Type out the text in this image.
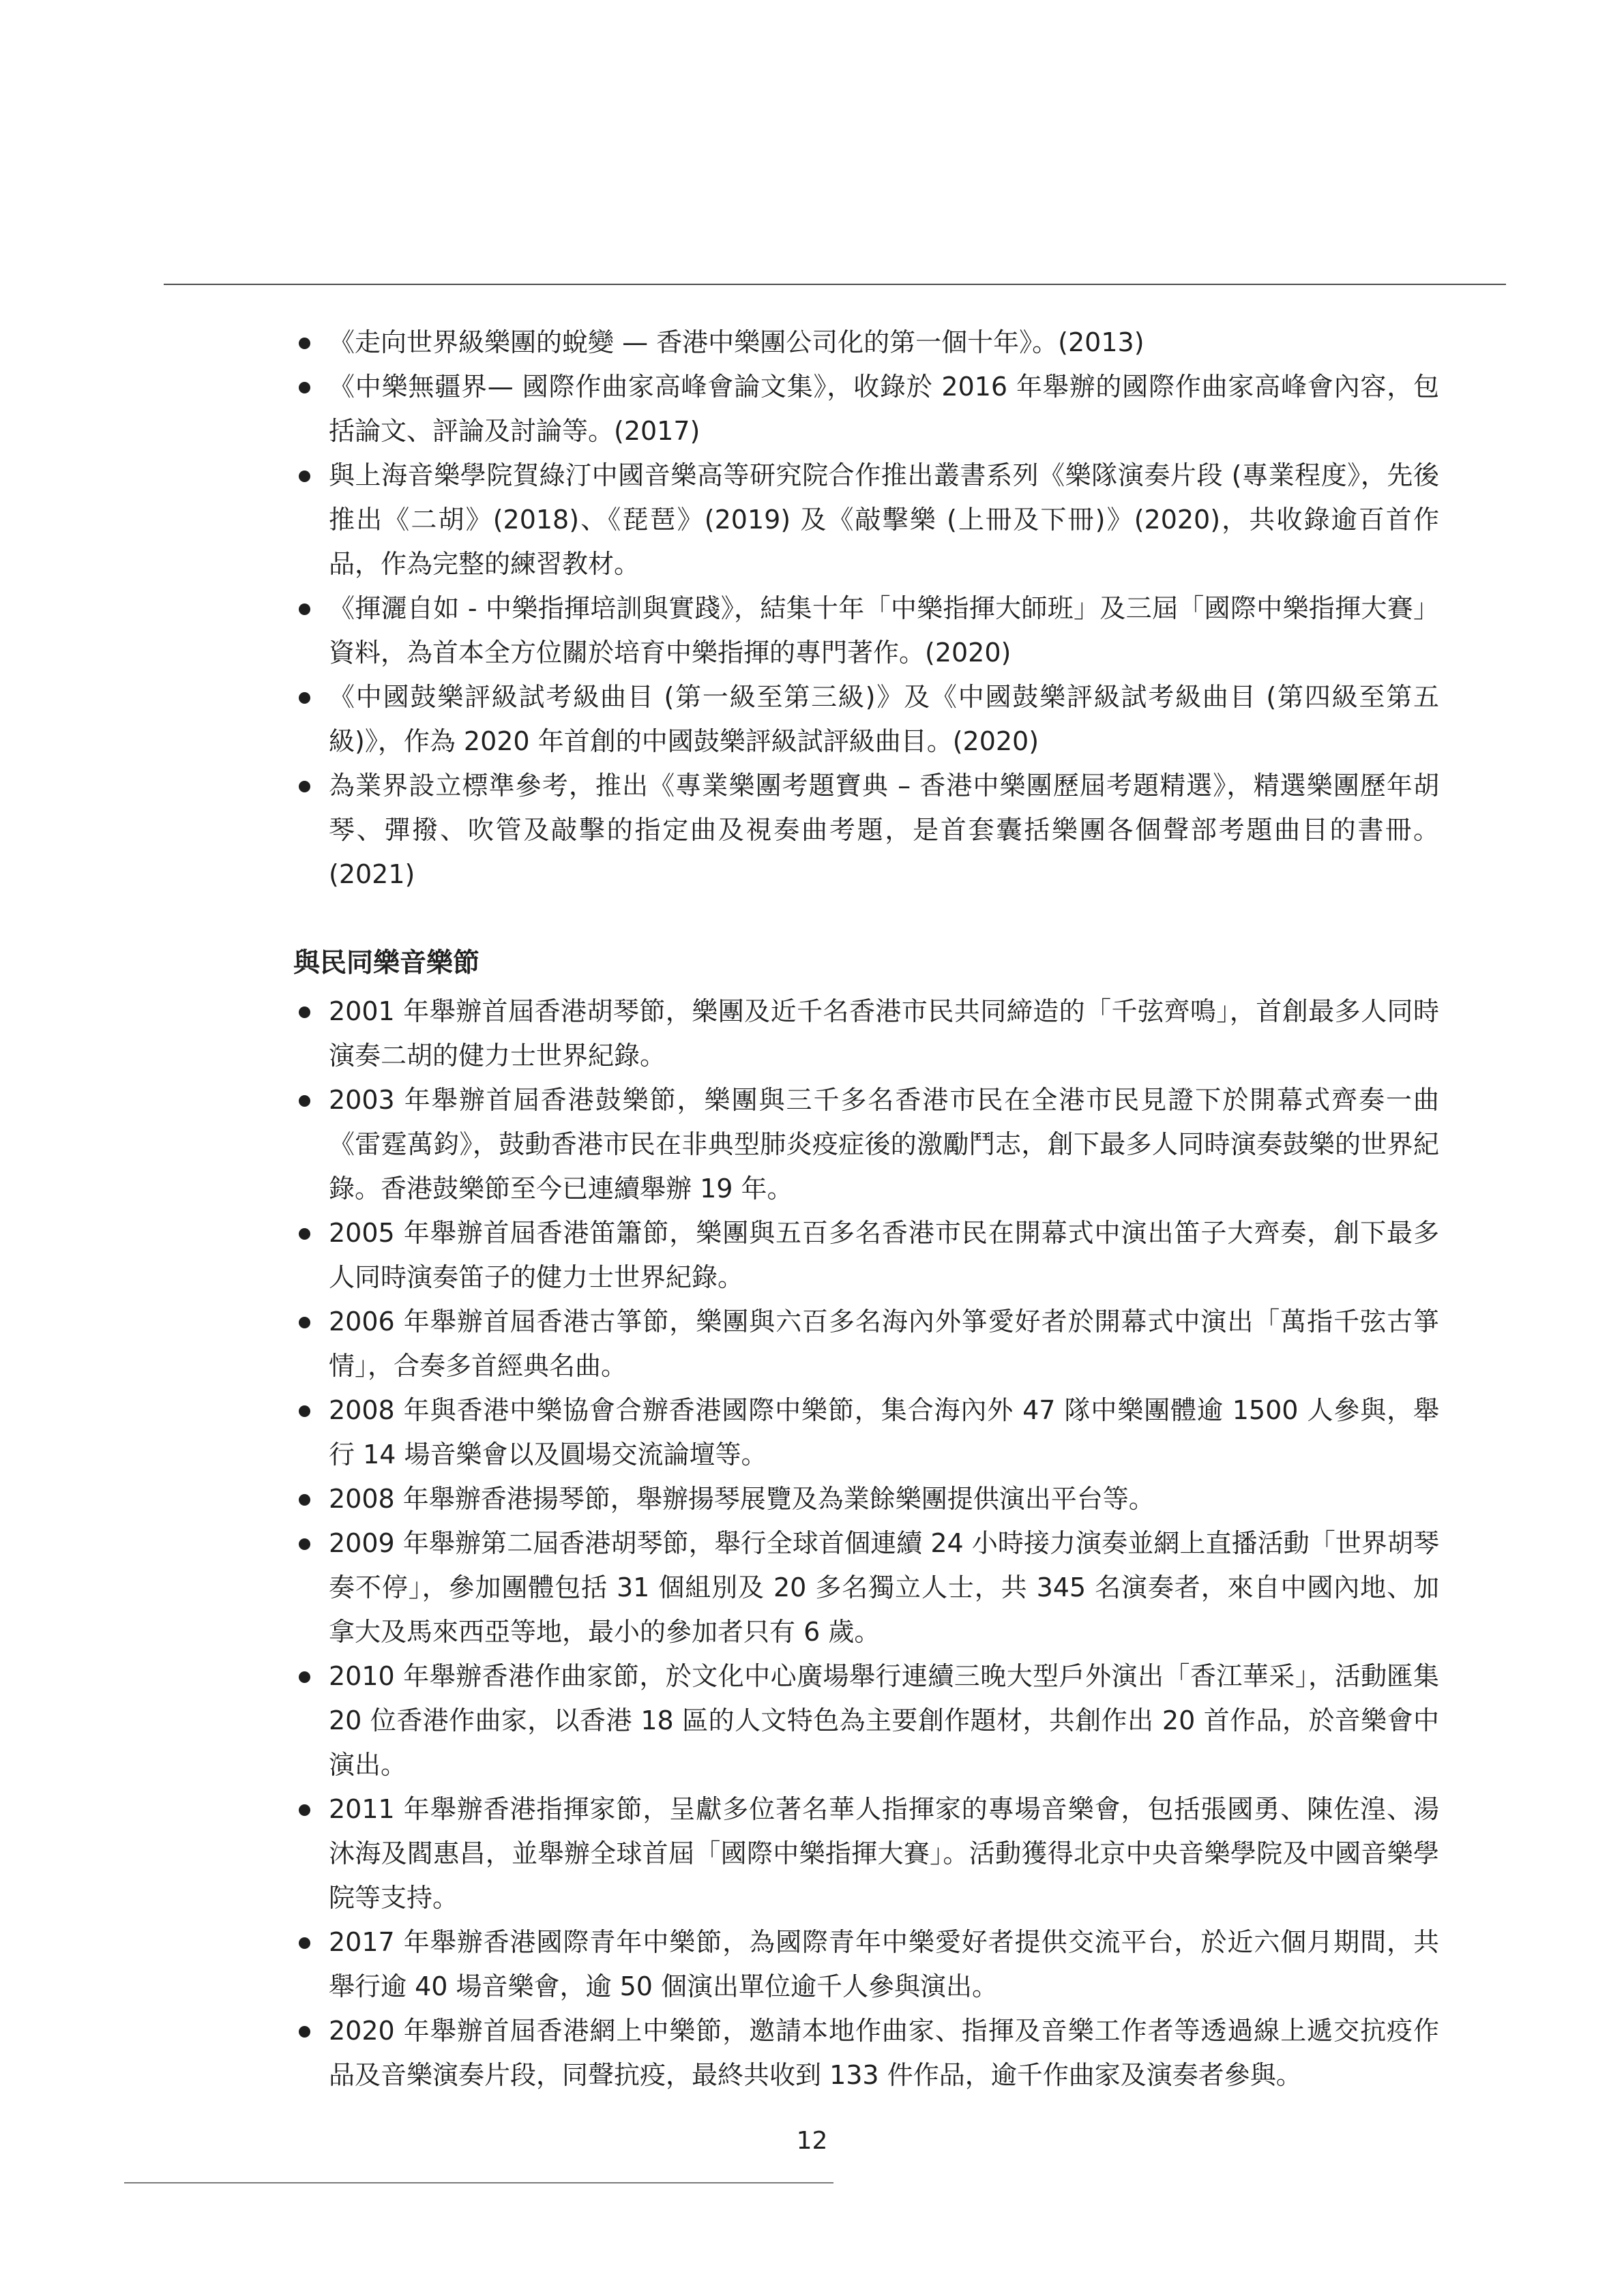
《走向世界級樂團的蛻變 — 香港中樂團公司化的第一個十年》。(2013)
《中樂無疆界— 國際作曲家高峰會論文集》，收錄於 2016 年舉辦的國際作曲家高峰會內容，包括論文、評論及討論等。(2017)
與上海音樂學院賀綠汀中國音樂高等研究院合作推出叢書系列《樂隊演奏片段 (專業程度》，先後推出《二胡》(2018)、《琵琶》(2019) 及《敲擊樂 (上冊及下冊)》(2020)，共收錄逾百首作品，作為完整的練習教材。
《揮灑自如 - 中樂指揮培訓與實踐》，結集十年「中樂指揮大師班」及三屆「國際中樂指揮大賽」資料，為首本全方位關於培育中樂指揮的專門著作。(2020)
《中國鼓樂評級試考級曲目 (第一級至第三級)》及《中國鼓樂評級試考級曲目 (第四級至第五級)》，作為 2020 年首創的中國鼓樂評級試評級曲目。(2020)
為業界設立標準參考，推出《專業樂團考題寶典 – 香港中樂團歷屆考題精選》，精選樂團歷年胡琴、彈撥、吹管及敲擊的指定曲及視奏曲考題，是首套囊括樂團各個聲部考題曲目的書冊。(2021)
與民同樂音樂節
2001 年舉辦首屆香港胡琴節，樂團及近千名香港市民共同締造的「千弦齊鳴」，首創最多人同時演奏二胡的健力士世界紀錄。
2003 年舉辦首屆香港鼓樂節，樂團與三千多名香港市民在全港市民見證下於開幕式齊奏一曲《雷霆萬鈞》，鼓動香港市民在非典型肺炎疫症後的激勵鬥志，創下最多人同時演奏鼓樂的世界紀錄。香港鼓樂節至今已連續舉辦 19 年。
2005 年舉辦首屆香港笛簫節，樂團與五百多名香港市民在開幕式中演出笛子大齊奏，創下最多人同時演奏笛子的健力士世界紀錄。
2006 年舉辦首屆香港古箏節，樂團與六百多名海內外箏愛好者於開幕式中演出「萬指千弦古箏情」，合奏多首經典名曲。
2008 年與香港中樂協會合辦香港國際中樂節，集合海內外 47 隊中樂團體逾 1500 人參與，舉行 14 場音樂會以及圓場交流論壇等。
2008 年舉辦香港揚琴節，舉辦揚琴展覽及為業餘樂團提供演出平台等。
2009 年舉辦第二屆香港胡琴節，舉行全球首個連續 24 小時接力演奏並網上直播活動「世界胡琴奏不停」，參加團體包括 31 個組別及 20 多名獨立人士，共 345 名演奏者，來自中國內地、加拿大及馬來西亞等地，最小的參加者只有 6 歲。
2010 年舉辦香港作曲家節，於文化中心廣場舉行連續三晚大型戶外演出「香江華采」，活動匯集 20 位香港作曲家，以香港 18 區的人文特色為主要創作題材，共創作出 20 首作品，於音樂會中演出。
2011 年舉辦香港指揮家節，呈獻多位著名華人指揮家的專場音樂會，包括張國勇、陳佐湟、湯沐海及閻惠昌，並舉辦全球首屆「國際中樂指揮大賽」。活動獲得北京中央音樂學院及中國音樂學院等支持。
2017 年舉辦香港國際青年中樂節，為國際青年中樂愛好者提供交流平台，於近六個月期間，共舉行逾 40 場音樂會，逾 50 個演出單位逾千人參與演出。
2020 年舉辦首屆香港網上中樂節，邀請本地作曲家、指揮及音樂工作者等透過線上遞交抗疫作品及音樂演奏片段，同聲抗疫，最終共收到 133 件作品，逾千作曲家及演奏者參與。
12
